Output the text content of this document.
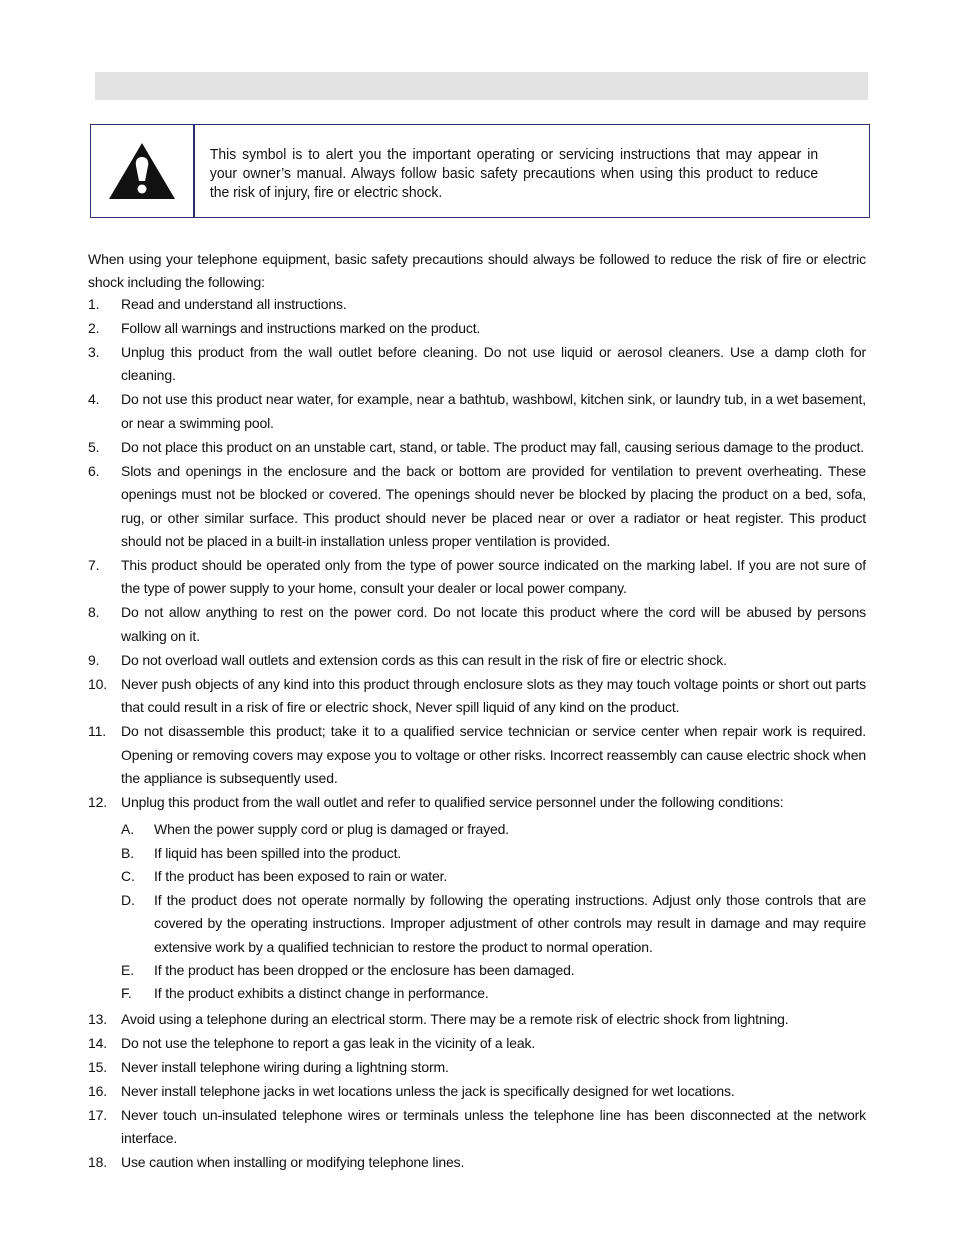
This symbol is to alert you the important operating or servicing instructions that may appear in your owner’s manual. Always follow basic safety precautions when using this product to reduce the risk of injury, fire or electric shock.
When using your telephone equipment, basic safety precautions should always be followed to reduce the risk of fire or electric shock including the following:
1. Read and understand all instructions.
2. Follow all warnings and instructions marked on the product.
3. Unplug this product from the wall outlet before cleaning. Do not use liquid or aerosol cleaners. Use a damp cloth for cleaning.
4. Do not use this product near water, for example, near a bathtub, washbowl, kitchen sink, or laundry tub, in a wet basement, or near a swimming pool.
5. Do not place this product on an unstable cart, stand, or table. The product may fall, causing serious damage to the product.
6. Slots and openings in the enclosure and the back or bottom are provided for ventilation to prevent overheating. These openings must not be blocked or covered. The openings should never be blocked by placing the product on a bed, sofa, rug, or other similar surface. This product should never be placed near or over a radiator or heat register. This product should not be placed in a built-in installation unless proper ventilation is provided.
7. This product should be operated only from the type of power source indicated on the marking label. If you are not sure of the type of power supply to your home, consult your dealer or local power company.
8. Do not allow anything to rest on the power cord. Do not locate this product where the cord will be abused by persons walking on it.
9. Do not overload wall outlets and extension cords as this can result in the risk of fire or electric shock.
10. Never push objects of any kind into this product through enclosure slots as they may touch voltage points or short out parts that could result in a risk of fire or electric shock, Never spill liquid of any kind on the product.
11. Do not disassemble this product; take it to a qualified service technician or service center when repair work is required. Opening or removing covers may expose you to voltage or other risks. Incorrect reassembly can cause electric shock when the appliance is subsequently used.
12. Unplug this product from the wall outlet and refer to qualified service personnel under the following conditions:
A. When the power supply cord or plug is damaged or frayed.
B. If liquid has been spilled into the product.
C. If the product has been exposed to rain or water.
D. If the product does not operate normally by following the operating instructions. Adjust only those controls that are covered by the operating instructions. Improper adjustment of other controls may result in damage and may require extensive work by a qualified technician to restore the product to normal operation.
E. If the product has been dropped or the enclosure has been damaged.
F. If the product exhibits a distinct change in performance.
13. Avoid using a telephone during an electrical storm. There may be a remote risk of electric shock from lightning.
14. Do not use the telephone to report a gas leak in the vicinity of a leak.
15. Never install telephone wiring during a lightning storm.
16. Never install telephone jacks in wet locations unless the jack is specifically designed for wet locations.
17. Never touch un-insulated telephone wires or terminals unless the telephone line has been disconnected at the network interface.
18. Use caution when installing or modifying telephone lines.
